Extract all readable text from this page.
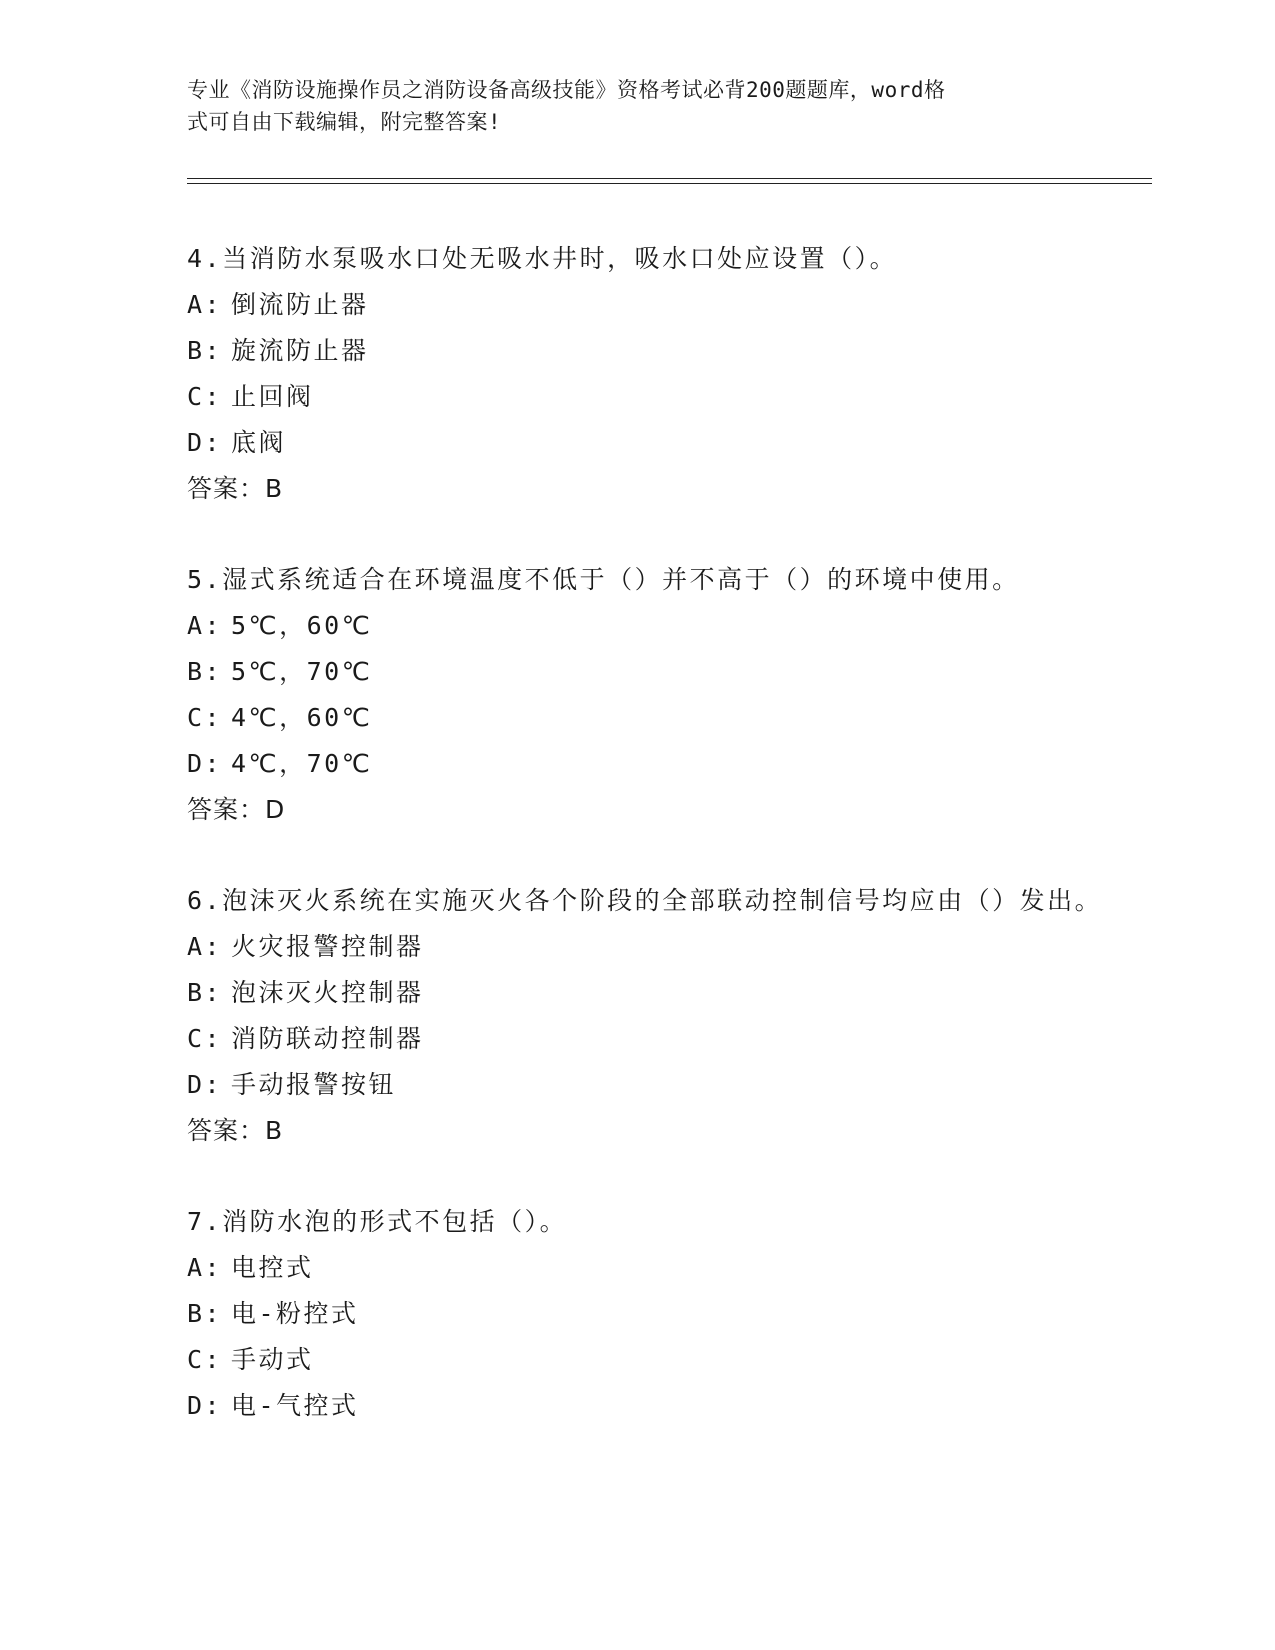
专业《消防设施操作员之消防设备高级技能》资格考试必背200题题库，word格
式可自由下载编辑，附完整答案!

4.当消防水泵吸水口处无吸水井时，吸水口处应设置（）。

A: 倒流防止器

B: 旋流防止器

C: 止回阀

D: 底阀

答案：B

5.湿式系统适合在环境温度不低于（）并不高于（）的环境中使用。

A: 5℃，60℃

B: 5℃，70℃

C: 4℃，60℃

D: 4℃，70℃

答案：D

6.泡沫灭火系统在实施灭火各个阶段的全部联动控制信号均应由（）发出。

A: 火灾报警控制器

B: 泡沫灭火控制器

C: 消防联动控制器

D: 手动报警按钮

答案：B

7.消防水泡的形式不包括（）。

A: 电控式

B: 电-粉控式

C: 手动式

D: 电-气控式
